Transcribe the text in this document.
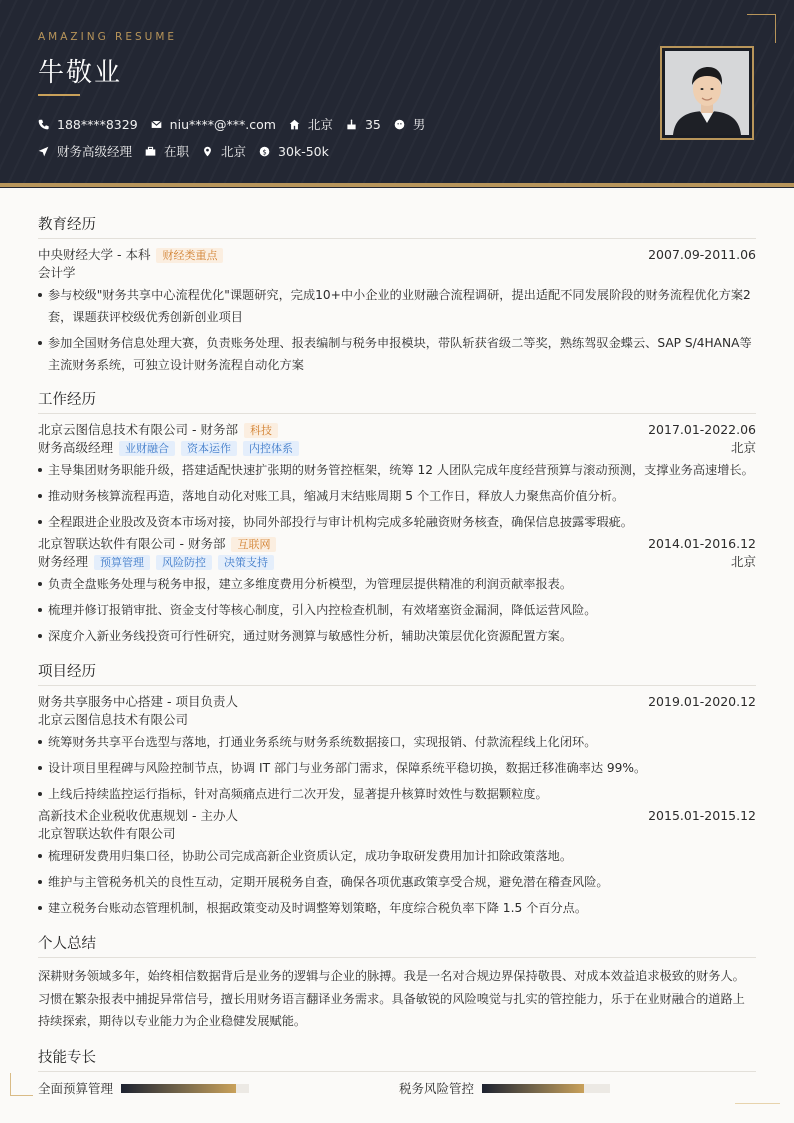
AMAZING RESUME
牛敬业
188****8329	niu****@***.com	北京	35	男
财务高级经理	在职	北京 $ 30k-50k
教育经历
中央财经大学 - 本科 财经类重点	2007.09-2011.06
会计学
参与校级"财务共享中心流程优化"课题研究，完成10+中小企业的业财融合流程调研，提出适配不同发展阶段的财务流程优化方案2套，课题获评校级优秀创新创业项目
参加全国财务信息处理大赛，负责账务处理、报表编制与税务申报模块，带队斩获省级二等奖，熟练驾驭金蝶云、SAP S/4HANA等主流财务系统，可独立设计财务流程自动化方案
工作经历
北京云图信息技术有限公司 - 财务部 科技	2017.01-2022.06
财务高级经理 业财融合 资本运作 内控体系	北京
主导集团财务职能升级，搭建适配快速扩张期的财务管控框架，统筹 12 人团队完成年度经营预算与滚动预测，支撑业务高速增长。
推动财务核算流程再造，落地自动化对账工具，缩减月末结账周期 5 个工作日，释放人力聚焦高价值分析。
全程跟进企业股改及资本市场对接，协同外部投行与审计机构完成多轮融资财务核查，确保信息披露零瑕疵。
北京智联达软件有限公司 - 财务部 互联网	2014.01-2016.12
财务经理 预算管理 风险防控 决策支持	北京
负责全盘账务处理与税务申报，建立多维度费用分析模型，为管理层提供精准的利润贡献率报表。
梳理并修订报销审批、资金支付等核心制度，引入内控检查机制，有效堵塞资金漏洞，降低运营风险。
深度介入新业务线投资可行性研究，通过财务测算与敏感性分析，辅助决策层优化资源配置方案。
项目经历
财务共享服务中心搭建 - 项目负责人	2019.01-2020.12
北京云图信息技术有限公司
统筹财务共享平台选型与落地，打通业务系统与财务系统数据接口，实现报销、付款流程线上化闭环。
设计项目里程碑与风险控制节点，协调 IT 部门与业务部门需求，保障系统平稳切换，数据迁移准确率达 99%。
上线后持续监控运行指标，针对高频痛点进行二次开发，显著提升核算时效性与数据颗粒度。
高新技术企业税收优惠规划 - 主办人	2015.01-2015.12
北京智联达软件有限公司
梳理研发费用归集口径，协助公司完成高新企业资质认定，成功争取研发费用加计扣除政策落地。
维护与主管税务机关的良性互动，定期开展税务自查，确保各项优惠政策享受合规，避免潜在稽查风险。
建立税务台账动态管理机制，根据政策变动及时调整筹划策略，年度综合税负率下降 1.5 个百分点。
个人总结
深耕财务领域多年，始终相信数据背后是业务的逻辑与企业的脉搏。我是一名对合规边界保持敬畏、对成本效益追求极致的财务人。习惯在繁杂报表中捕捉异常信号，擅长用财务语言翻译业务需求。具备敏锐的风险嗅觉与扎实的管控能力，乐于在业财融合的道路上持续探索，期待以专业能力为企业稳健发展赋能。
技能专长
全面预算管理	税务风险管控
